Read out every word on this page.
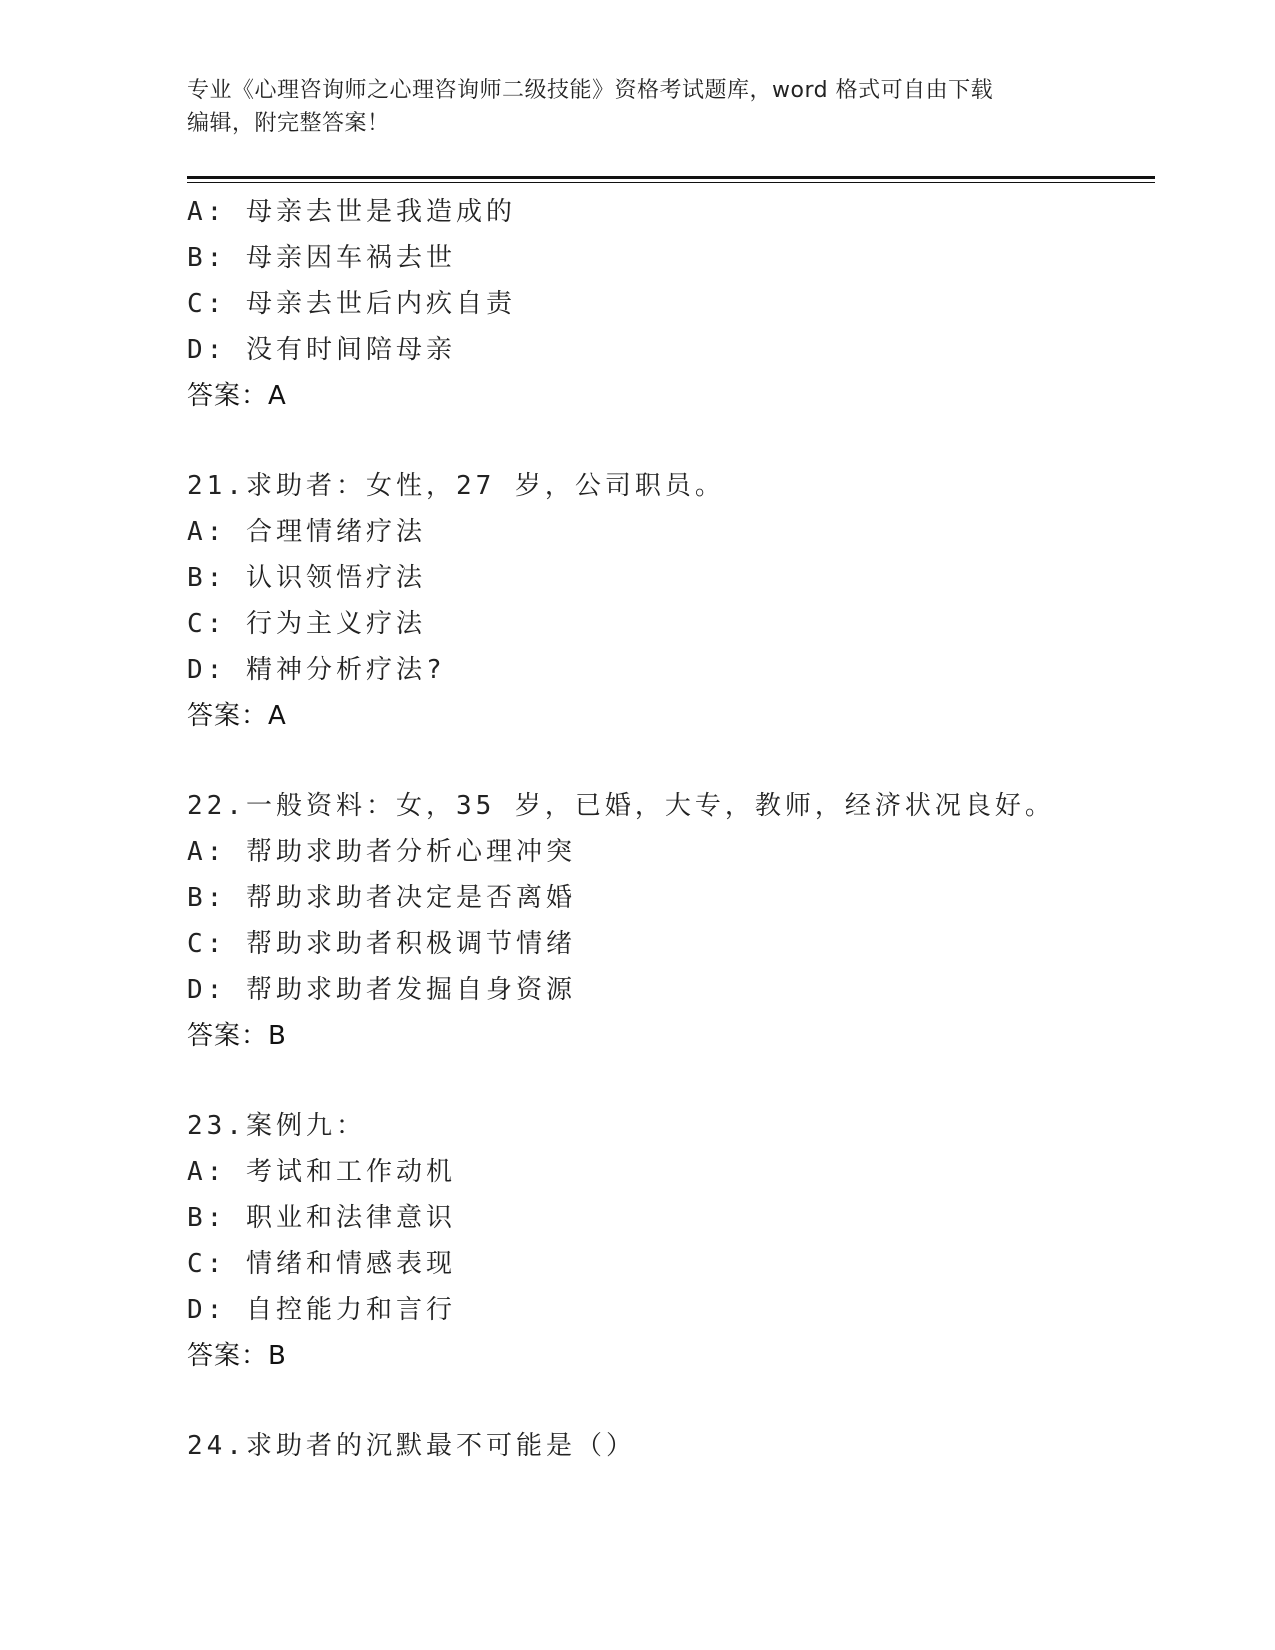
专业《心理咨询师之心理咨询师二级技能》资格考试题库，word 格式可自由下载
编辑，附完整答案！
A: 母亲去世是我造成的
B: 母亲因车祸去世
C: 母亲去世后内疚自责
D: 没有时间陪母亲
答案：A
21.求助者：女性，27 岁，公司职员。
A: 合理情绪疗法
B: 认识领悟疗法
C: 行为主义疗法
D: 精神分析疗法?
答案：A
22.一般资料：女，35 岁，已婚，大专，教师，经济状况良好。
A: 帮助求助者分析心理冲突
B: 帮助求助者决定是否离婚
C: 帮助求助者积极调节情绪
D: 帮助求助者发掘自身资源
答案：B
23.案例九：
A: 考试和工作动机
B: 职业和法律意识
C: 情绪和情感表现
D: 自控能力和言行
答案：B
24.求助者的沉默最不可能是（）
